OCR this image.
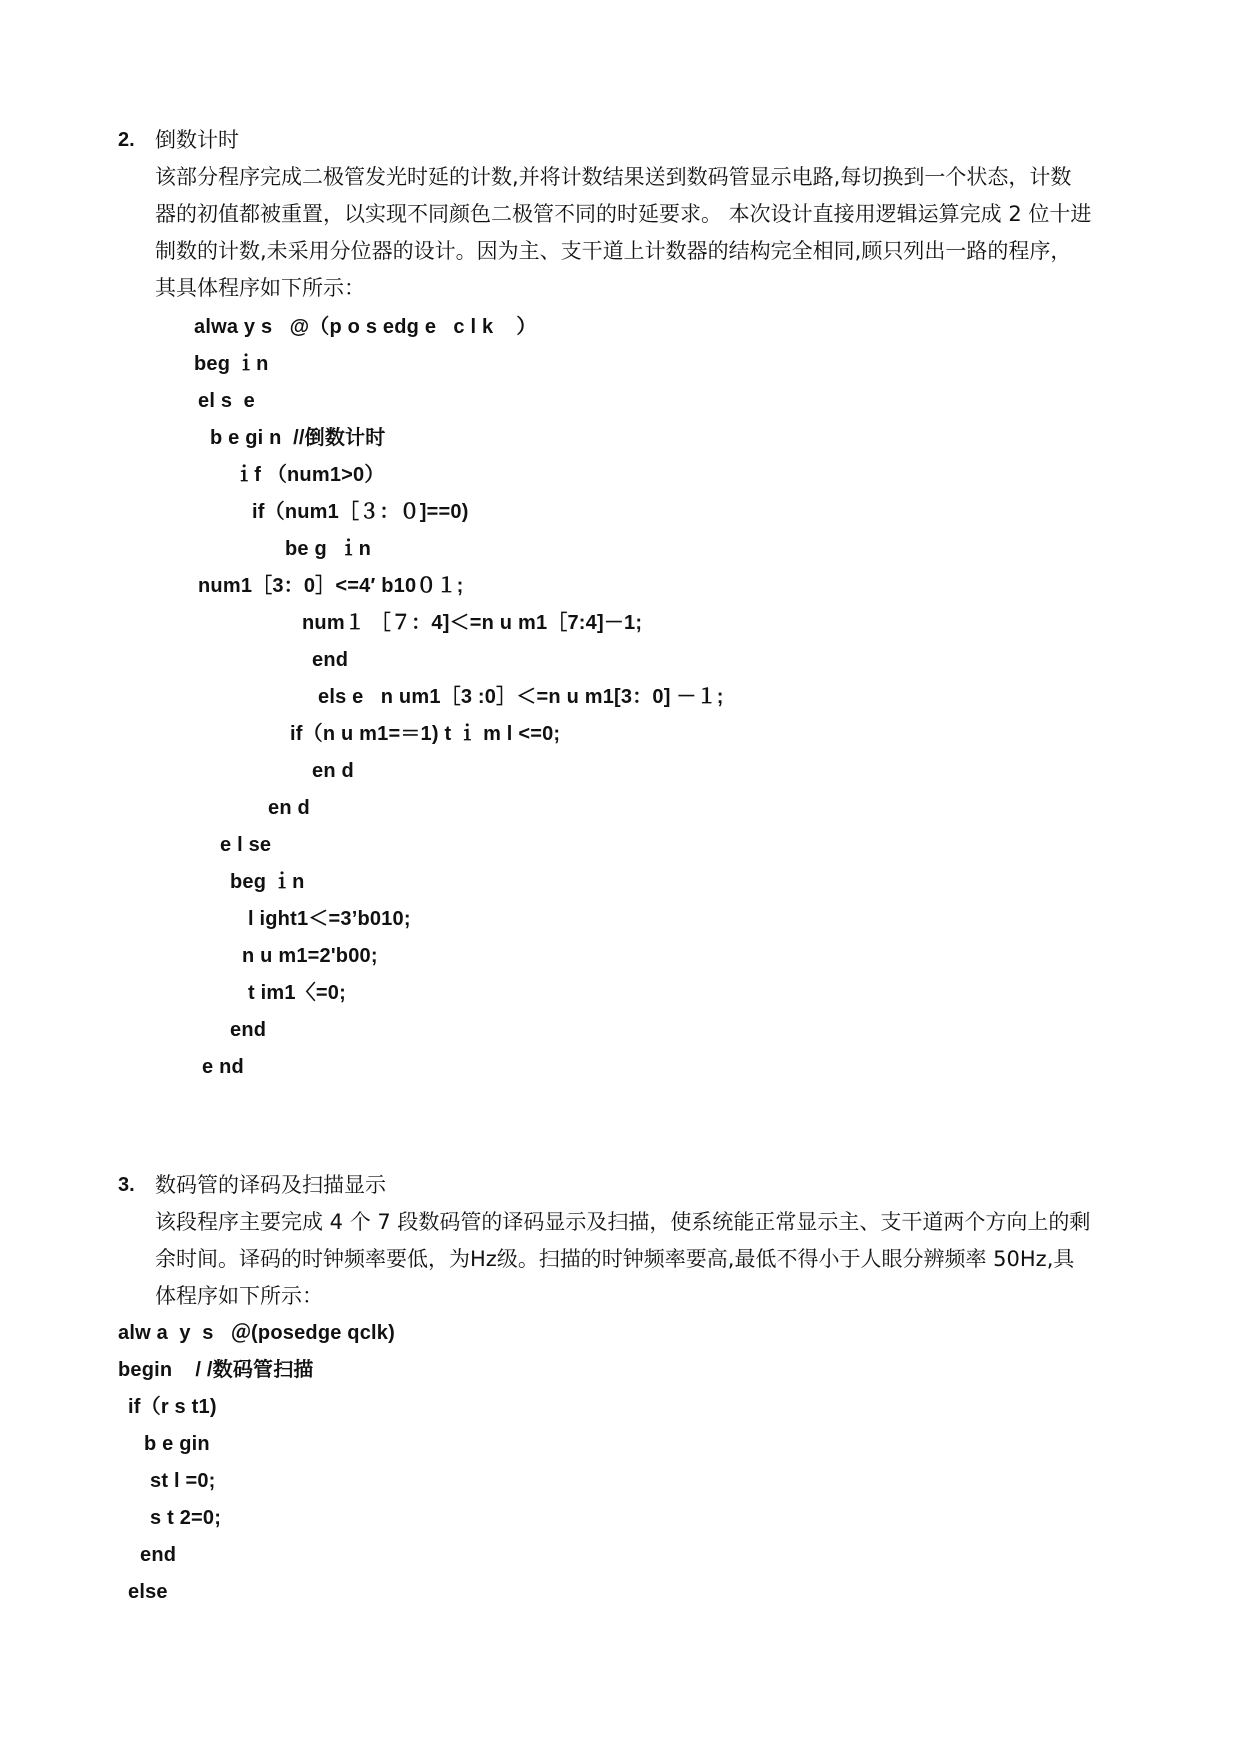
2. 倒数计时
该部分程序完成二极管发光时延的计数,并将计数结果送到数码管显示电路,每切换到一个状态，计数
器的初值都被重置，以实现不同颜色二极管不同的时延要求。 本次设计直接用逻辑运算完成 2 位十进
制数的计数,未采用分位器的设计。因为主、支干道上计数器的结构完全相同,顾只列出一路的程序，
其具体程序如下所示：
alwa y s   @（p o s edg e   c l k    ）
beg ｉn
el s  e
b e gi n  //倒数计时
ｉf （num1>0）
if（num1［３：０]==0)
be g  ｉn
num1［3：0］<=4′ b10０１;
num１ ［７：4]＜=n u m1［7:4]－1;
end
els e   n um1［3 :0］＜=n u m1[3：0] －１;
if（n u m1=＝1) t ｉ m l <=0;
en d
en d
e l se
beg ｉn
l ight1＜=3’b010;
n u m1=2'b00;
t im1〈=0;
end
e nd
3. 数码管的译码及扫描显示
该段程序主要完成 4 个 7 段数码管的译码显示及扫描，使系统能正常显示主、支干道两个方向上的剩
余时间。译码的时钟频率要低，为Hz级。扫描的时钟频率要高,最低不得小于人眼分辨频率 50Hz,具
体程序如下所示：
alw a  y  s   ＠(posedge qclk)
begin    / /数码管扫描
if（r s t1)
b e gin
st l =0;
s t 2=0;
end
else
